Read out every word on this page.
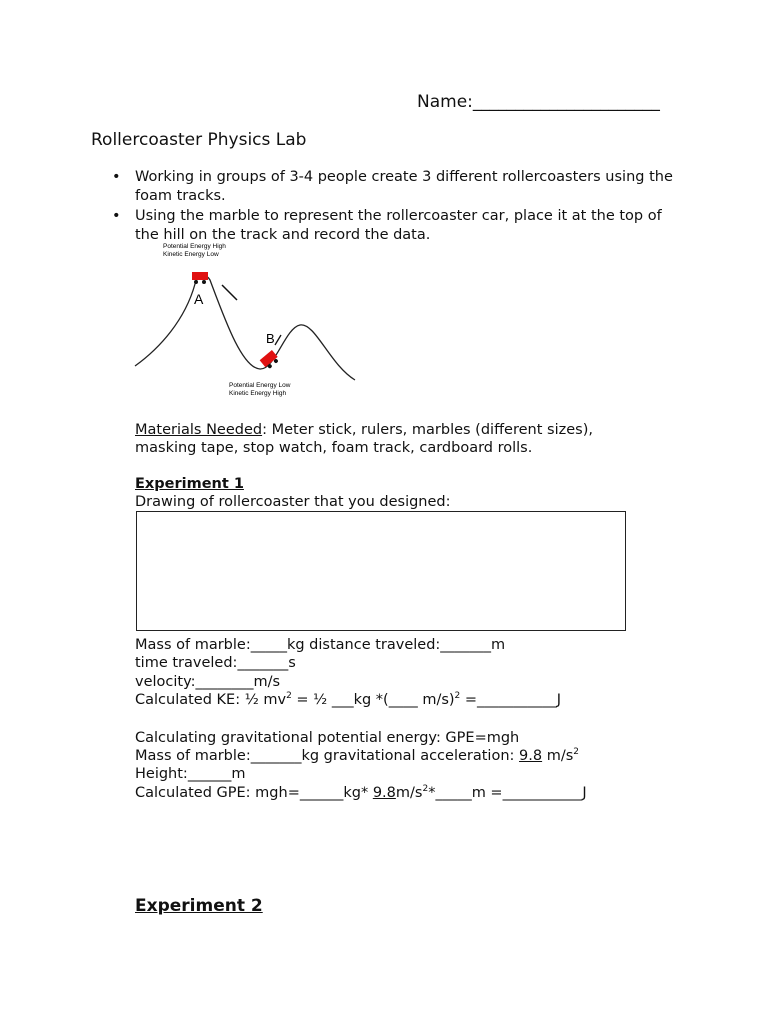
Name:______________________
Rollercoaster Physics Lab
• Working in groups of 3-4 people create 3 different rollercoasters using the foam tracks.
• Using the marble to represent the rollercoaster car, place it at the top of the hill on the track and record the data.
Potential Energy High
Kinetic Energy Low
A
B
Potential Energy Low
Kinetic Energy High
Materials Needed: Meter stick, rulers, marbles (different sizes),
masking tape, stop watch, foam track, cardboard rolls.
Experiment 1
Drawing of rollercoaster that you designed:
Mass of marble:_____kg distance traveled:_______m
time traveled:_______s
velocity:________m/s
Calculated KE: ½ $mv^2$ = ½ ___kg *(____ m/s)$^2$ =___________J
Calculating gravitational potential energy: GPE=mgh
Mass of marble:_______kg gravitational acceleration: 9.8 $m/s^2$
Height:______m
Calculated GPE: mgh=______kg* $9.8m/s^2*\_\_\_\_\_m$ =___________J
Experiment 2
